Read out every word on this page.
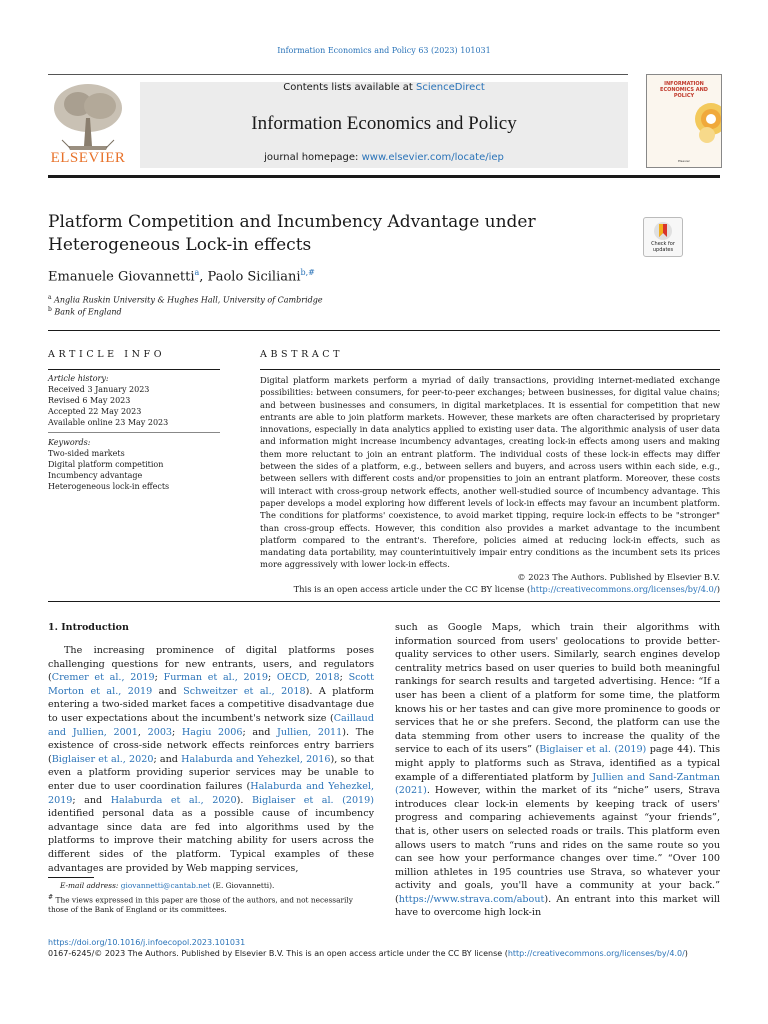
Information Economics and Policy 63 (2023) 101031
ELSEVIER
Contents lists available at ScienceDirect
Information Economics and Policy
journal homepage: www.elsevier.com/locate/iep
INFORMATION ECONOMICS AND POLICY
Elsevier
Platform Competition and Incumbency Advantage under
Heterogeneous Lock-in effects	Check for updates
Emanuele Giovannetti$^a$, Paolo Siciliani$^{b,\#}$
$^a$ Anglia Ruskin University & Hughes Hall, University of Cambridge
$^b$ Bank of England
ARTICLE INFO	ABSTRACT
Article history:
Received 3 January 2023
Revised 6 May 2023
Accepted 22 May 2023
Available online 23 May 2023
Keywords:
Two-sided markets
Digital platform competition
Incumbency advantage
Heterogeneous lock-in effects
Digital platform markets perform a myriad of daily transactions, providing internet-mediated exchange possibilities: between consumers, for peer-to-peer exchanges; between businesses, for digital value chains; and between businesses and consumers, in digital marketplaces. It is essential for competition that new entrants are able to join platform markets. However, these markets are often characterised by proprietary innovations, especially in data analytics applied to existing user data. The algorithmic analysis of user data and information might increase incumbency advantages, creating lock-in effects among users and making them more reluctant to join an entrant platform. The individual costs of these lock-in effects may differ between the sides of a platform, e.g., between sellers and buyers, and across users within each side, e.g., between sellers with different costs and/or propensities to join an entrant platform. Moreover, these costs will interact with cross-group network effects, another well-studied source of incumbency advantage. This paper develops a model exploring how different levels of lock-in effects may favour an incumbent platform. The conditions for platforms' coexistence, to avoid market tipping, require lock-in effects to be "stronger" than cross-group effects. However, this condition also provides a market advantage to the incumbent platform compared to the entrant's. Therefore, policies aimed at reducing lock-in effects, such as mandating data portability, may counterintuitively impair entry conditions as the incumbent sets its prices more aggressively with lower lock-in effects.
© 2023 The Authors. Published by Elsevier B.V.
This is an open access article under the CC BY license (http://creativecommons.org/licenses/by/4.0/)
1. Introduction

The increasing prominence of digital platforms poses challenging questions for new entrants, users, and regulators (Cremer et al., 2019; Furman et al., 2019; OECD, 2018; Scott Morton et al., 2019 and Schweitzer et al., 2018). A platform entering a two-sided market faces a competitive disadvantage due to user expectations about the incumbent's network size (Caillaud and Jullien, 2001, 2003; Hagiu 2006; and Jullien, 2011). The existence of cross-side network effects reinforces entry barriers (Biglaiser et al., 2020; and Halaburda and Yehezkel, 2016), so that even a platform providing superior services may be unable to enter due to user coordination failures (Halaburda and Yehezkel, 2019; and Halaburda et al., 2020). Biglaiser et al. (2019) identified personal data as a possible cause of incumbency advantage since data are fed into algorithms used by the platforms to improve their matching ability for users across the different sides of the platform. Typical examples of these advantages are provided by Web mapping services,

such as Google Maps, which train their algorithms with information sourced from users' geolocations to provide better-quality services to other users. Similarly, search engines develop centrality metrics based on user queries to build both meaningful rankings for search results and targeted advertising. Hence: “If a user has been a client of a platform for some time, the platform knows his or her tastes and can give more prominence to goods or services that he or she prefers. Second, the platform can use the data stemming from other users to increase the quality of the service to each of its users” (Biglaiser et al. (2019) page 44). This might apply to platforms such as Strava, identified as a typical example of a differentiated platform by Jullien and Sand-Zantman (2021). However, within the market of its “niche” users, Strava introduces clear lock-in elements by keeping track of users' progress and comparing achievements against “your friends”, that is, other users on selected roads or trails. This platform even allows users to match “runs and rides on the same route so you can see how your performance changes over time.” “Over 100 million athletes in 195 countries use Strava, so whatever your activity and goals, you'll have a community at your back.” (https://www.strava.com/about). An entrant into this market will have to overcome high lock-in

E-mail address: giovannetti@cantab.net (E. Giovannetti).
# The views expressed in this paper are those of the authors, and not necessarily those of the Bank of England or its committees.
https://doi.org/10.1016/j.infoecopol.2023.101031
0167-6245/© 2023 The Authors. Published by Elsevier B.V. This is an open access article under the CC BY license (http://creativecommons.org/licenses/by/4.0/)
